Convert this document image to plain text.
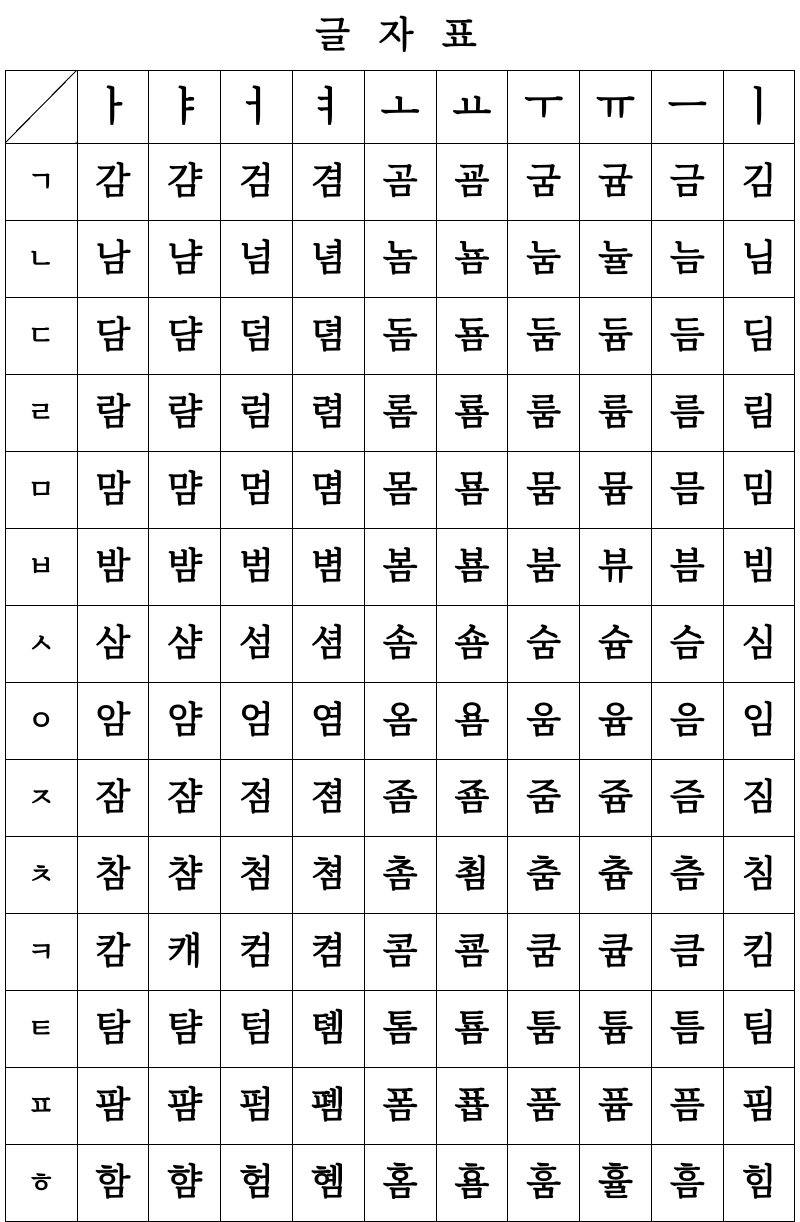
글 자 표
	ㅏ	ㅑ	ㅓ	ㅕ	ㅗ	ㅛ	ㅜ	ㅠ	ㅡ	ㅣ
ㄱ	감	걈	검	겸	곰	굠	굼	귬	금	김
ㄴ	남	냠	넘	념	놈	뇸	눔	뉼	늠	님
ㄷ	담	댬	덤	뎜	돔	둄	둠	듐	듬	딤
ㄹ	람	럄	럼	렴	롬	룜	룸	륨	름	림
ㅁ	맘	먐	멈	몀	몸	묨	뭄	뮴	믐	밈
ㅂ	밤	뱜	범	볌	봄	뵴	붐	뷰	븜	빔
ㅅ	삼	샴	섬	셤	솜	숌	숨	슘	슴	심
ㅇ	암	얌	엄	염	옴	욤	움	윰	음	임
ㅈ	잠	쟘	점	졈	좀	죰	줌	쥼	즘	짐
ㅊ	참	챰	첨	쳠	촘	쵬	춤	츔	츰	침
ㅋ	캄	컈	컴	켬	콤	쿔	쿰	큠	큼	킴
ㅌ	탐	턈	텀	톔	톰	툠	툼	튬	틈	팀
ㅍ	팜	퍔	펌	폠	폼	푭	품	퓸	픔	핌
ㅎ	함	햠	험	혬	홈	횸	훔	휼	흠	힘
